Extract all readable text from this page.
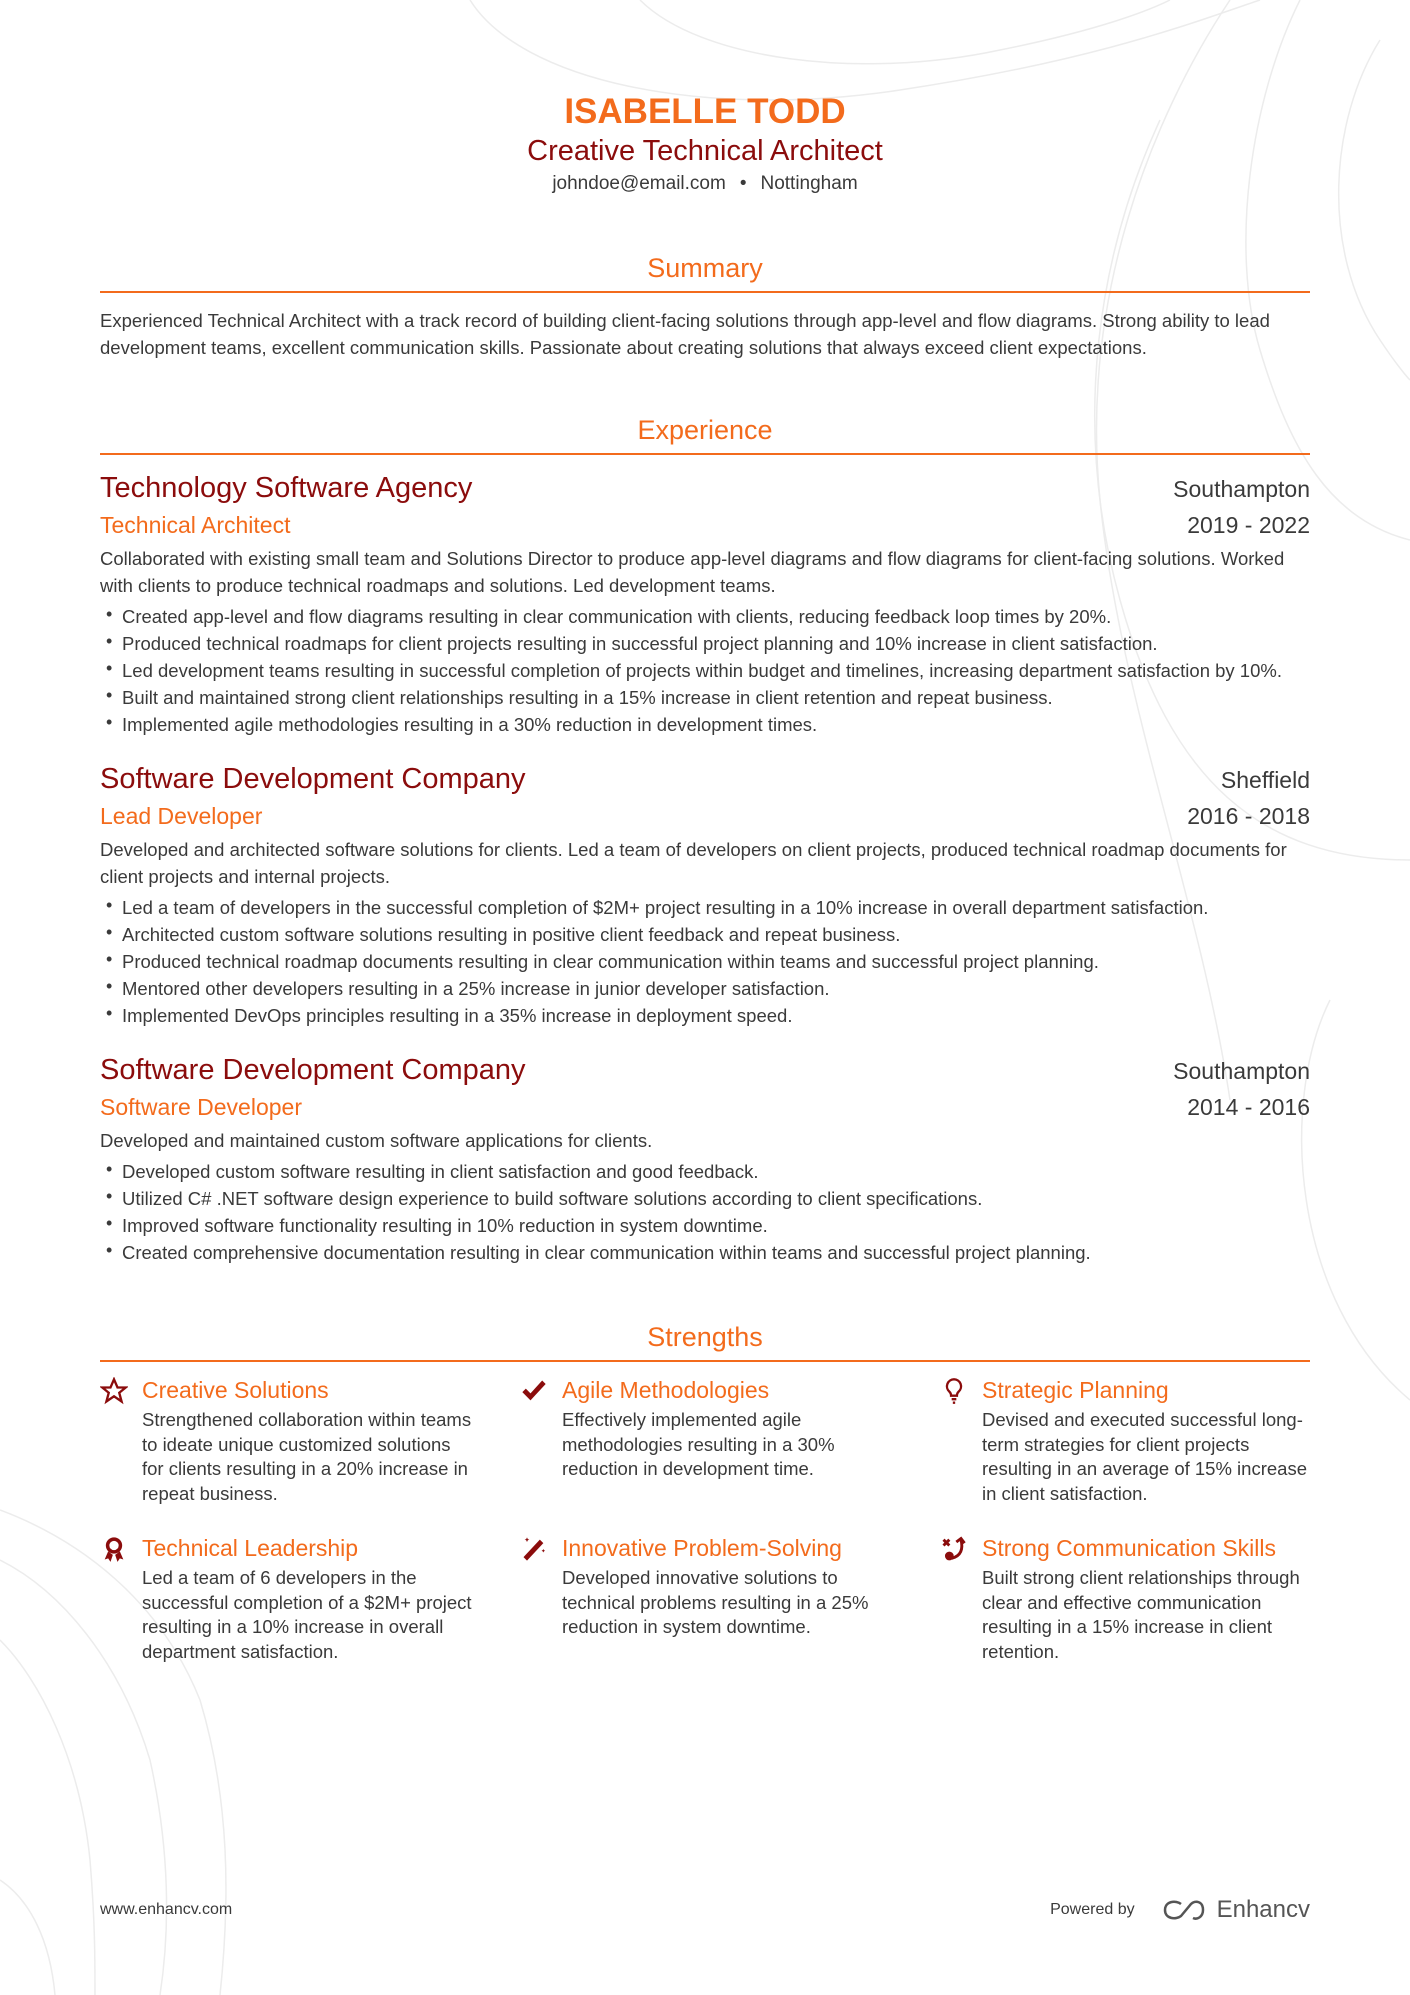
ISABELLE TODD
Creative Technical Architect
johndoe@email.com • Nottingham
Summary
Experienced Technical Architect with a track record of building client-facing solutions through app-level and flow diagrams. Strong ability to lead development teams, excellent communication skills. Passionate about creating solutions that always exceed client expectations.
Experience
Technology Software Agency	Southampton
Technical Architect	2019 - 2022
Collaborated with existing small team and Solutions Director to produce app-level diagrams and flow diagrams for client-facing solutions. Worked with clients to produce technical roadmaps and solutions. Led development teams.
• Created app-level and flow diagrams resulting in clear communication with clients, reducing feedback loop times by 20%.
• Produced technical roadmaps for client projects resulting in successful project planning and 10% increase in client satisfaction.
• Led development teams resulting in successful completion of projects within budget and timelines, increasing department satisfaction by 10%.
• Built and maintained strong client relationships resulting in a 15% increase in client retention and repeat business.
• Implemented agile methodologies resulting in a 30% reduction in development times.
Software Development Company	Sheffield
Lead Developer	2016 - 2018
Developed and architected software solutions for clients. Led a team of developers on client projects, produced technical roadmap documents for client projects and internal projects.
• Led a team of developers in the successful completion of $2M+ project resulting in a 10% increase in overall department satisfaction.
• Architected custom software solutions resulting in positive client feedback and repeat business.
• Produced technical roadmap documents resulting in clear communication within teams and successful project planning.
• Mentored other developers resulting in a 25% increase in junior developer satisfaction.
• Implemented DevOps principles resulting in a 35% increase in deployment speed.
Software Development Company	Southampton
Software Developer	2014 - 2016
Developed and maintained custom software applications for clients.
• Developed custom software resulting in client satisfaction and good feedback.
• Utilized C# .NET software design experience to build software solutions according to client specifications.
• Improved software functionality resulting in 10% reduction in system downtime.
• Created comprehensive documentation resulting in clear communication within teams and successful project planning.
Strengths
Creative Solutions
Strengthened collaboration within teams to ideate unique customized solutions for clients resulting in a 20% increase in repeat business.
Agile Methodologies
Effectively implemented agile methodologies resulting in a 30% reduction in development time.
Strategic Planning
Devised and executed successful long-term strategies for client projects resulting in an average of 15% increase in client satisfaction.
Technical Leadership
Led a team of 6 developers in the successful completion of a $2M+ project resulting in a 10% increase in overall department satisfaction.
Innovative Problem-Solving
Developed innovative solutions to technical problems resulting in a 25% reduction in system downtime.
Strong Communication Skills
Built strong client relationships through clear and effective communication resulting in a 15% increase in client retention.
www.enhancv.com	Powered by	Enhancv
